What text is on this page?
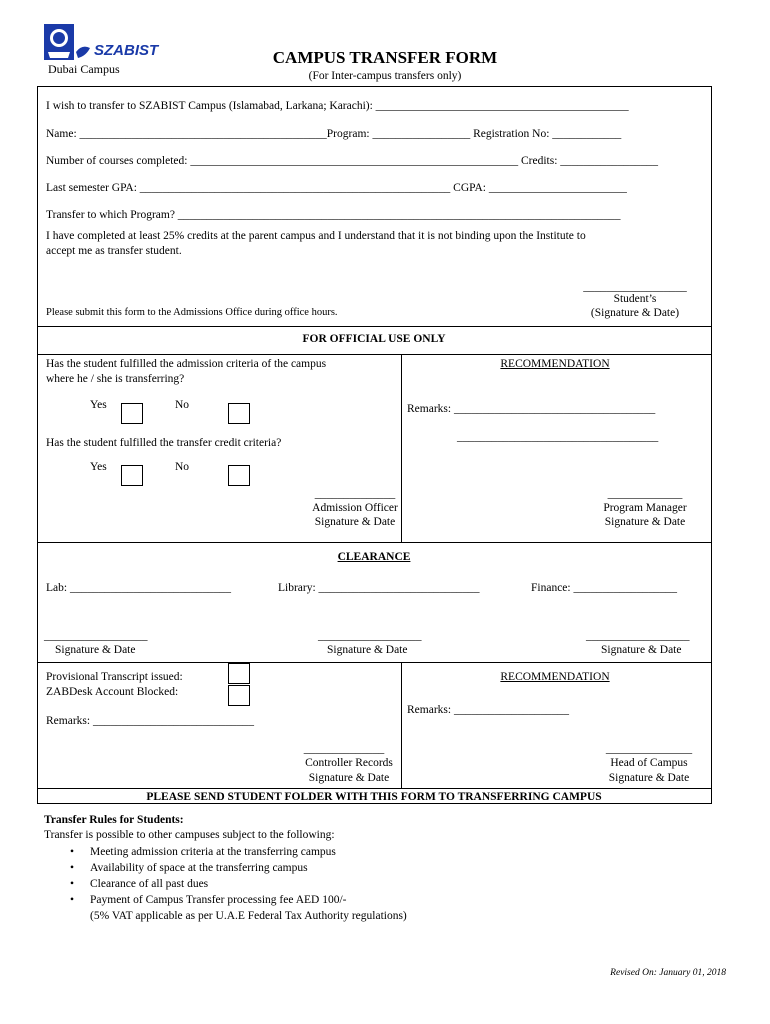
SZABIST
Dubai Campus
CAMPUS TRANSFER FORM
(For Inter-campus transfers only)
I wish to transfer to SZABIST Campus (Islamabad, Larkana; Karachi): ____________________________________________
Name: ___________________________________________Program: _________________ Registration No: ____________
Number of courses completed: _________________________________________________________ Credits: _________________
Last semester GPA: ______________________________________________________ CGPA: ________________________
Transfer to which Program? _____________________________________________________________________________
I have completed at least 25% credits at the parent campus and I understand that it is not binding upon the Institute to
accept me as transfer student.
__________________
Student’s
(Signature & Date)
Please submit this form to the Admissions Office during office hours.
FOR OFFICIAL USE ONLY
Has the student fulfilled the admission criteria of the campus
where he / she is transferring?
Yes	No
Has the student fulfilled the transfer credit criteria?
Yes	No
______________
Admission Officer
Signature & Date
RECOMMENDATION
Remarks: ___________________________________
___________________________________
_____________
Program Manager
Signature & Date
CLEARANCE
Lab: ____________________________	Library: ____________________________	Finance: __________________
__________________	__________________	__________________
Signature & Date	Signature & Date	Signature & Date
Provisional Transcript issued:
ZABDesk Account Blocked:
Remarks: ____________________________
______________
Controller Records
Signature & Date
RECOMMENDATION
Remarks: ____________________
_______________
Head of Campus
Signature & Date
PLEASE SEND STUDENT FOLDER WITH THIS FORM TO TRANSFERRING CAMPUS
Transfer Rules for Students:
Transfer is possible to other campuses subject to the following:
• Meeting admission criteria at the transferring campus
• Availability of space at the transferring campus
• Clearance of all past dues
• Payment of Campus Transfer processing fee AED 100/-
(5% VAT applicable as per U.A.E Federal Tax Authority regulations)
Revised On: January 01, 2018
